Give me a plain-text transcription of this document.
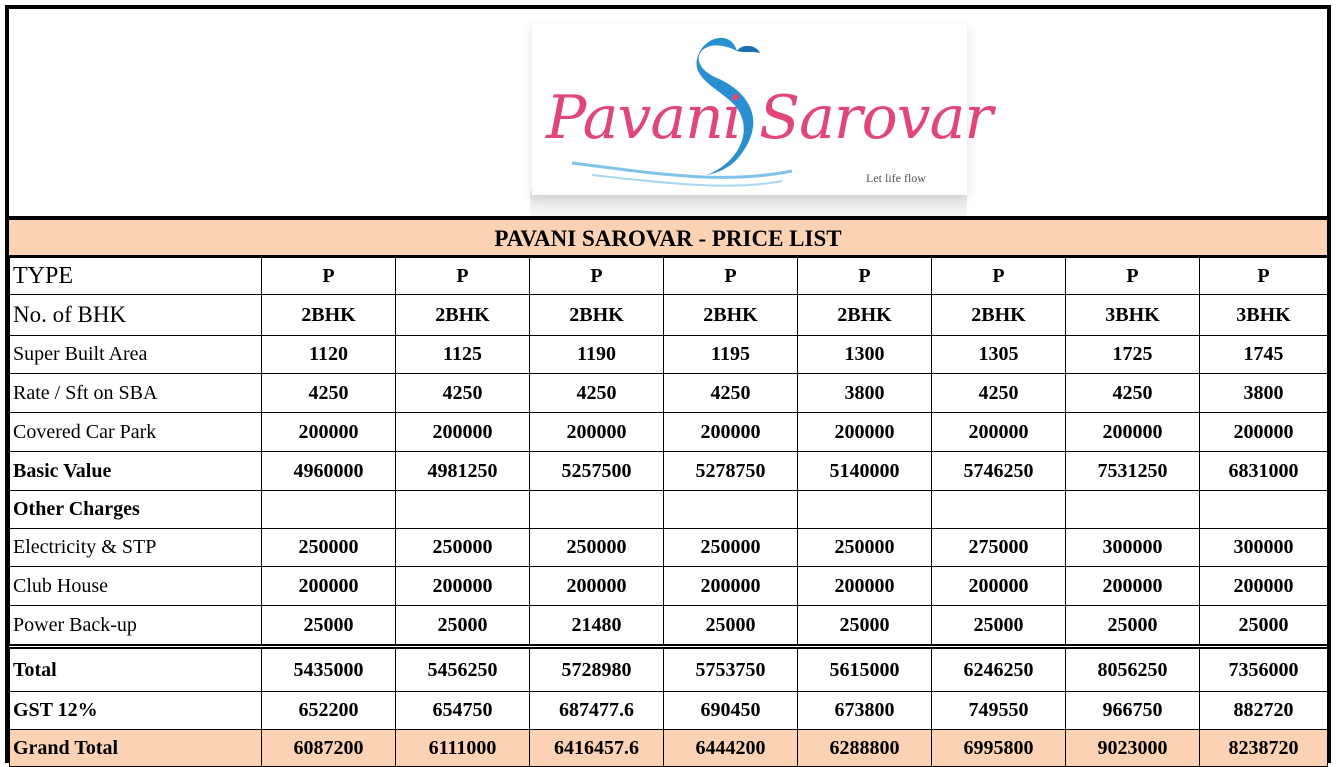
Pavani Sarovar
Let life flow
PAVANI SAROVAR - PRICE LIST
TYPE	P	P	P	P	P	P	P	P
No. of BHK	2BHK	2BHK	2BHK	2BHK	2BHK	2BHK	3BHK	3BHK
Super Built Area	1120	1125	1190	1195	1300	1305	1725	1745
Rate / Sft on SBA	4250	4250	4250	4250	3800	4250	4250	3800
Covered Car Park	200000	200000	200000	200000	200000	200000	200000	200000
Basic Value	4960000	4981250	5257500	5278750	5140000	5746250	7531250	6831000
Other Charges								
Electricity & STP	250000	250000	250000	250000	250000	275000	300000	300000
Club House	200000	200000	200000	200000	200000	200000	200000	200000
Power Back-up	25000	25000	21480	25000	25000	25000	25000	25000
Total	5435000	5456250	5728980	5753750	5615000	6246250	8056250	7356000
GST 12%	652200	654750	687477.6	690450	673800	749550	966750	882720
Grand Total	6087200	6111000	6416457.6	6444200	6288800	6995800	9023000	8238720
